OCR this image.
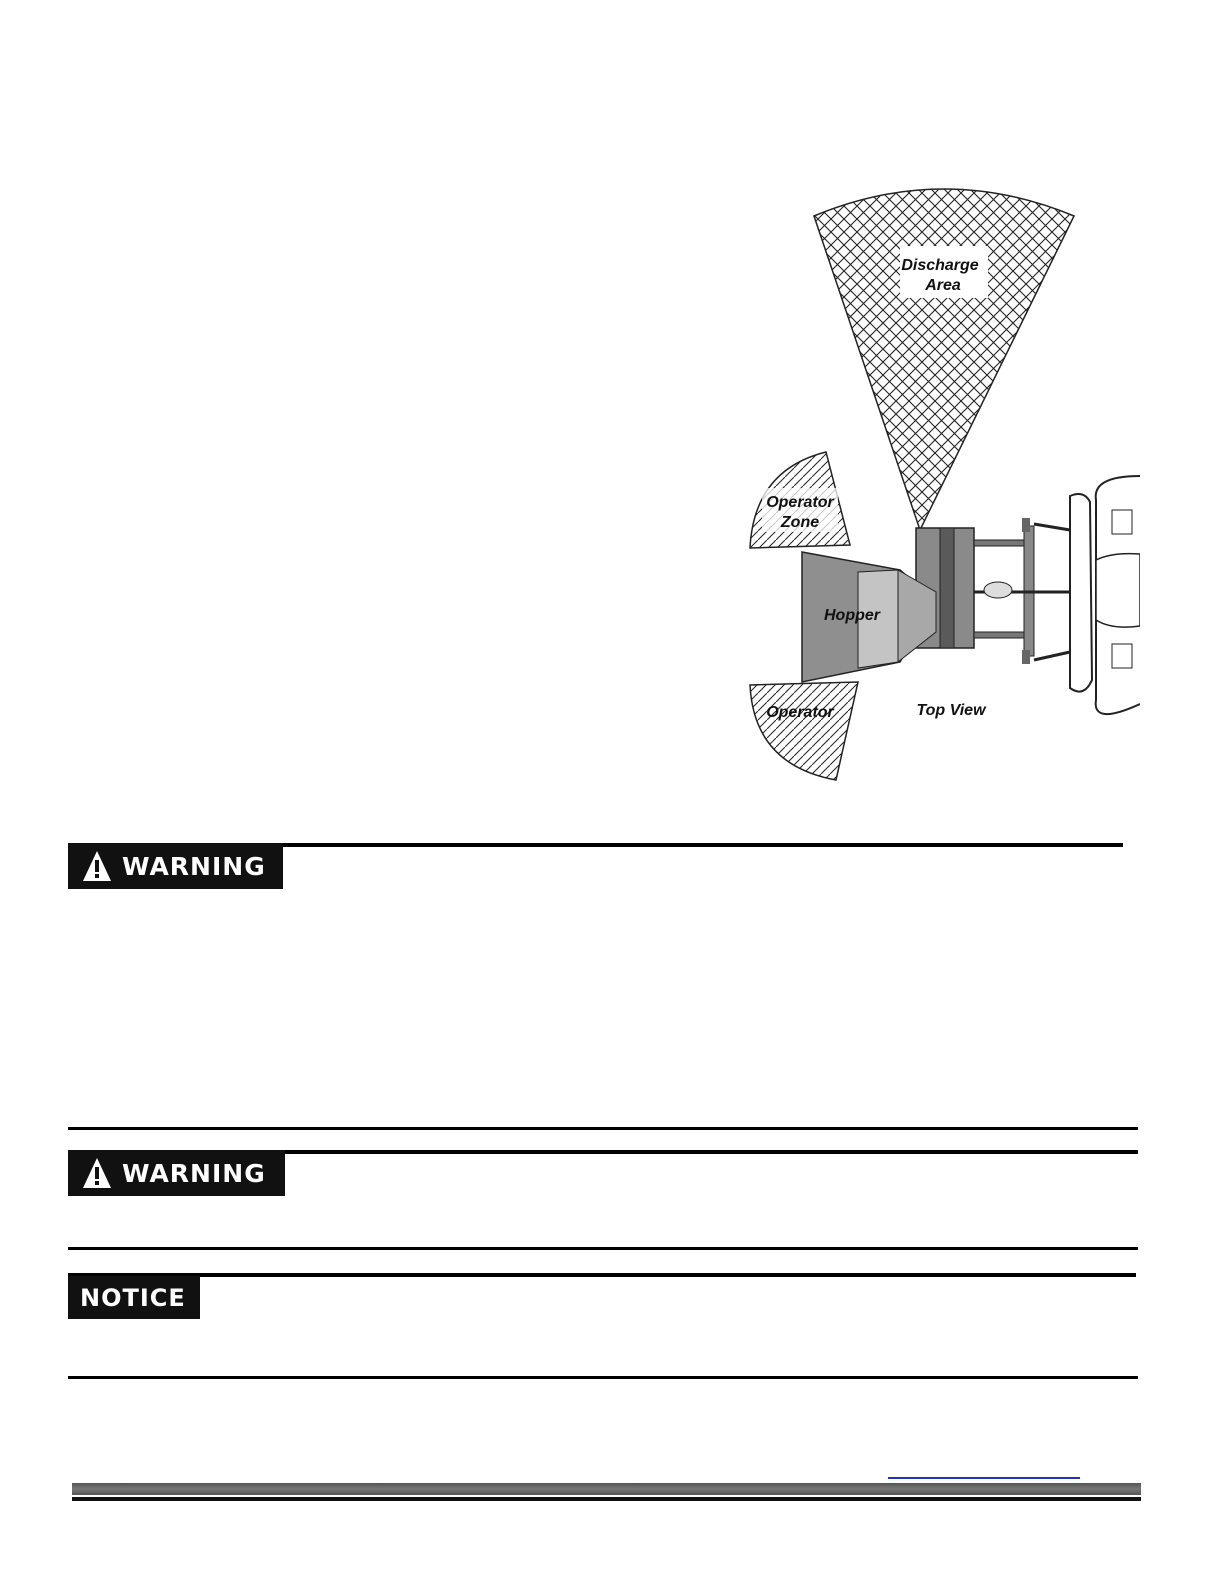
Discharge
Area
Operator
Zone
Hopper
Operator	Top View
WARNING
WARNING
NOTICE
